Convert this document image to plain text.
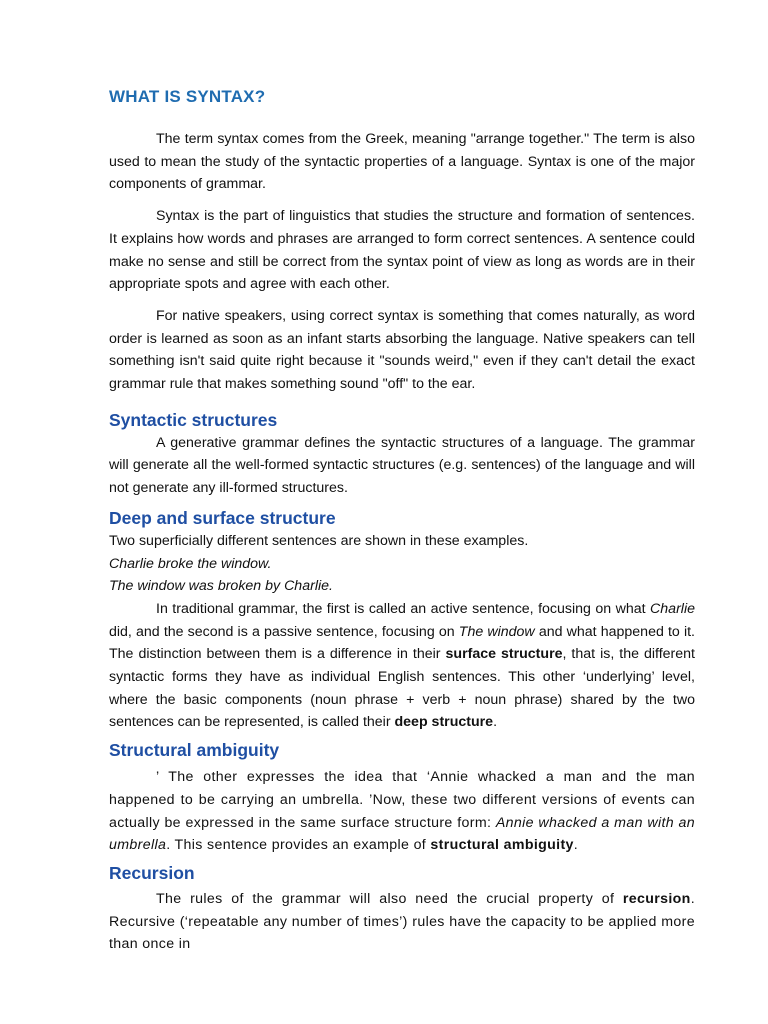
WHAT IS SYNTAX?

The term syntax comes from the Greek, meaning "arrange together." The term is also used to mean the study of the syntactic properties of a language. Syntax is one of the major components of grammar.

Syntax is the part of linguistics that studies the structure and formation of sentences. It explains how words and phrases are arranged to form correct sentences. A sentence could make no sense and still be correct from the syntax point of view as long as words are in their appropriate spots and agree with each other.

For native speakers, using correct syntax is something that comes naturally, as word order is learned as soon as an infant starts absorbing the language. Native speakers can tell something isn't said quite right because it "sounds weird," even if they can't detail the exact grammar rule that makes something sound "off" to the ear.

Syntactic structures

A generative grammar defines the syntactic structures of a language. The grammar will generate all the well-formed syntactic structures (e.g. sentences) of the language and will not generate any ill-formed structures.

Deep and surface structure

Two superficially different sentences are shown in these examples.

Charlie broke the window.

The window was broken by Charlie.

In traditional grammar, the first is called an active sentence, focusing on what Charlie did, and the second is a passive sentence, focusing on The window and what happened to it. The distinction between them is a difference in their surface structure, that is, the different syntactic forms they have as individual English sentences. This other ‘underlying’ level, where the basic components (noun phrase + verb + noun phrase) shared by the two sentences can be represented, is called their deep structure.

Structural ambiguity

’ The other expresses the idea that ‘Annie whacked a man and the man happened to be carrying an umbrella. ’Now, these two different versions of events can actually be expressed in the same surface structure form: Annie whacked a man with an umbrella. This sentence provides an example of structural ambiguity.

Recursion

The rules of the grammar will also need the crucial property of recursion. Recursive (‘repeatable any number of times’) rules have the capacity to be applied more than once in
